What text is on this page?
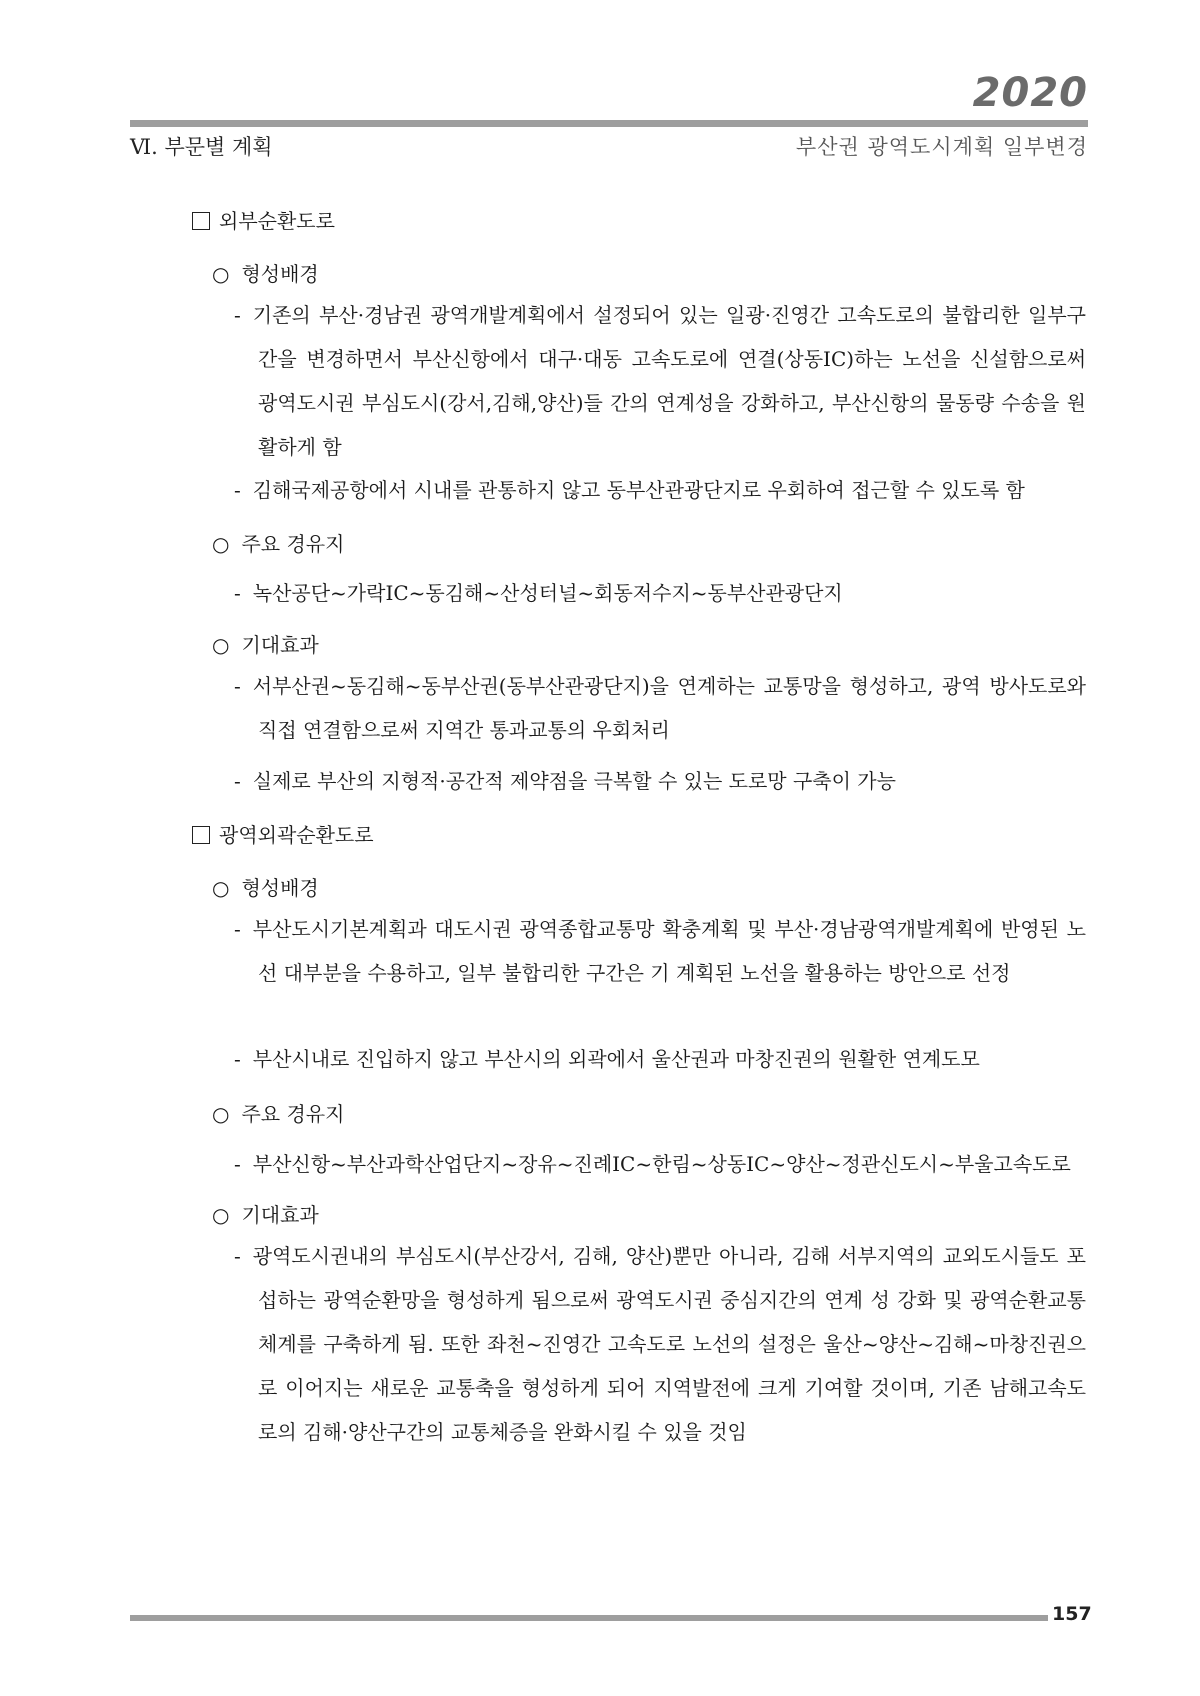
2020
Ⅵ. 부문별 계획	부산권 광역도시계획 일부변경
외부순환도로
○ 형성배경
- 기존의 부산·경남권 광역개발계획에서 설정되어 있는 일광·진영간 고속도로의 불합리한 일부구간을 변경하면서 부산신항에서 대구·대동 고속도로에 연결(상동IC)하는 노선을 신설함으로써 광역도시권 부심도시(강서,김해,양산)들 간의 연계성을 강화하고, 부산신항의 물동량 수송을 원활하게 함
- 김해국제공항에서 시내를 관통하지 않고 동부산관광단지로 우회하여 접근할 수 있도록 함
○ 주요 경유지
- 녹산공단~가락IC~동김해~산성터널~회동저수지~동부산관광단지
○ 기대효과
- 서부산권~동김해~동부산권(동부산관광단지)을 연계하는 교통망을 형성하고, 광역 방사도로와 직접 연결함으로써 지역간 통과교통의 우회처리
- 실제로 부산의 지형적·공간적 제약점을 극복할 수 있는 도로망 구축이 가능
광역외곽순환도로
○ 형성배경
- 부산도시기본계획과 대도시권 광역종합교통망 확충계획 및 부산·경남광역개발계획에 반영된 노선 대부분을 수용하고, 일부 불합리한 구간은 기 계획된 노선을 활용하는 방안으로 선정
- 부산시내로 진입하지 않고 부산시의 외곽에서 울산권과 마창진권의 원활한 연계도모
○ 주요 경유지
- 부산신항~부산과학산업단지~장유~진례IC~한림~상동IC~양산~정관신도시~부울고속도로
○ 기대효과
- 광역도시권내의 부심도시(부산강서, 김해, 양산)뿐만 아니라, 김해 서부지역의 교외도시들도 포섭하는 광역순환망을 형성하게 됨으로써 광역도시권 중심지간의 연계 성 강화 및 광역순환교통체계를 구축하게 됨. 또한 좌천~진영간 고속도로 노선의 설정은 울산~양산~김해~마창진권으로 이어지는 새로운 교통축을 형성하게 되어 지역발전에 크게 기여할 것이며, 기존 남해고속도로의 김해·양산구간의 교통체증을 완화시킬 수 있을 것임
157
